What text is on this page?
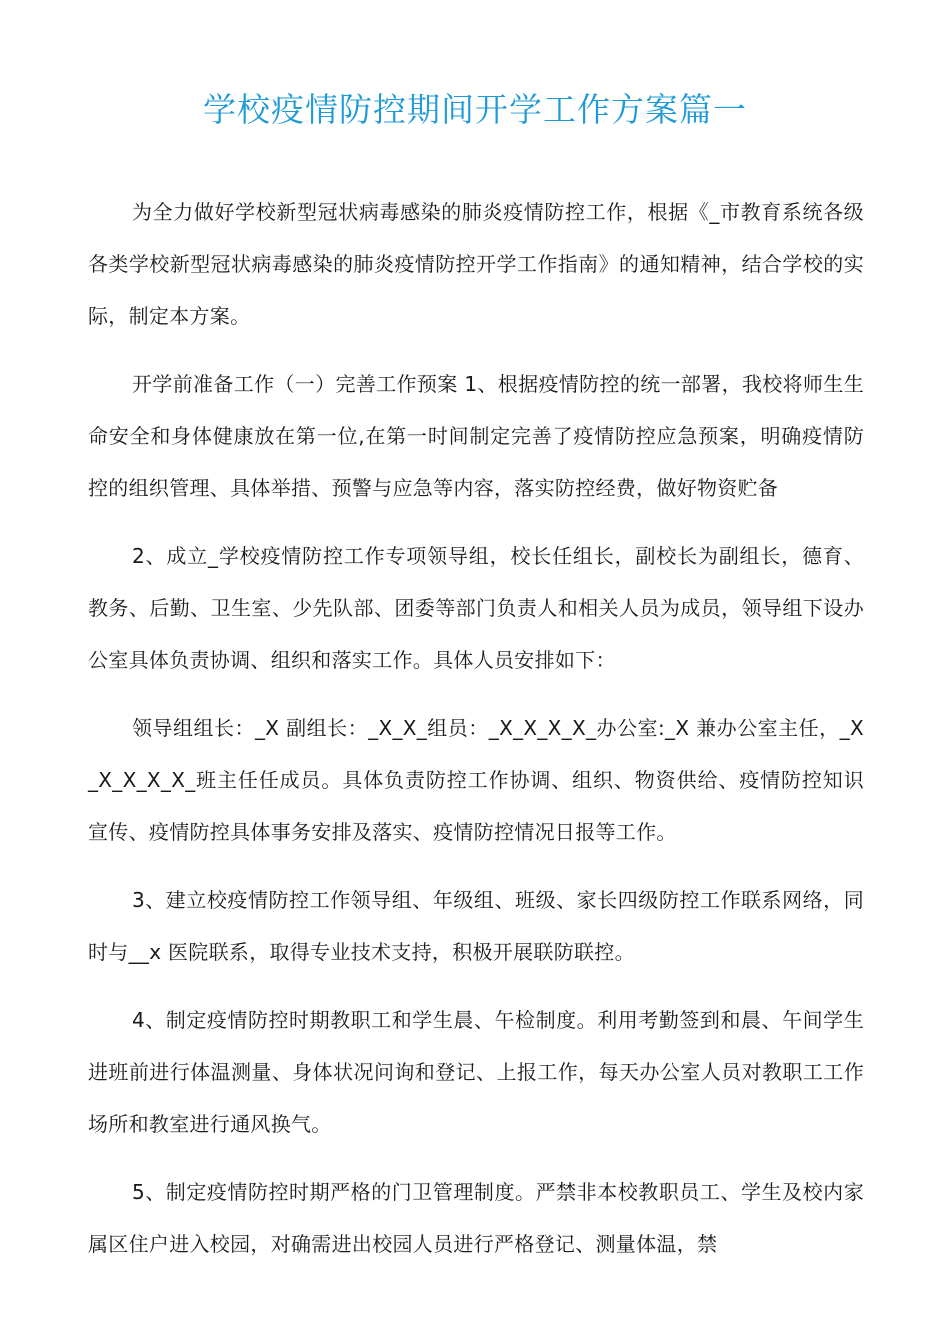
学校疫情防控期间开学工作方案篇一

为全力做好学校新型冠状病毒感染的肺炎疫情防控工作，根据《_市教育系统各级各类学校新型冠状病毒感染的肺炎疫情防控开学工作指南》的通知精神，结合学校的实际，制定本方案。

开学前准备工作（一）完善工作预案 1、根据疫情防控的统一部署，我校将师生生命安全和身体健康放在第一位,在第一时间制定完善了疫情防控应急预案，明确疫情防控的组织管理、具体举措、预警与应急等内容，落实防控经费，做好物资贮备

2、成立_学校疫情防控工作专项领导组，校长任组长，副校长为副组长，德育、教务、后勤、卫生室、少先队部、团委等部门负责人和相关人员为成员，领导组下设办公室具体负责协调、组织和落实工作。具体人员安排如下：

领导组组长：_X 副组长：_X_X_组员：_X_X_X_X_办公室:_X 兼办公室主任，_X_X_X_X_X_班主任任成员。具体负责防控工作协调、组织、物资供给、疫情防控知识宣传、疫情防控具体事务安排及落实、疫情防控情况日报等工作。

3、建立校疫情防控工作领导组、年级组、班级、家长四级防控工作联系网络，同时与__x 医院联系，取得专业技术支持，积极开展联防联控。

4、制定疫情防控时期教职工和学生晨、午检制度。利用考勤签到和晨、午间学生进班前进行体温测量、身体状况问询和登记、上报工作，每天办公室人员对教职工工作场所和教室进行通风换气。

5、制定疫情防控时期严格的门卫管理制度。严禁非本校教职员工、学生及校内家属区住户进入校园，对确需进出校园人员进行严格登记、测量体温，禁
